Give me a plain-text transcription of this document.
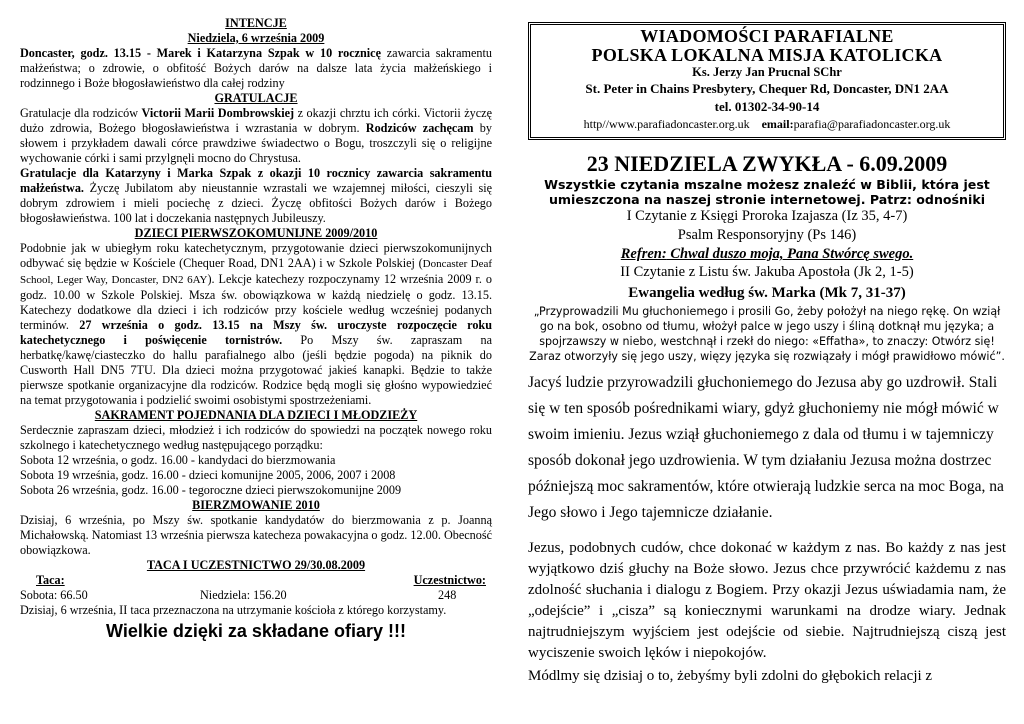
INTENCJE
Niedziela, 6 września 2009

Doncaster, godz. 13.15 - Marek i Katarzyna Szpak w 10 rocznicę zawarcia sakramentu małżeństwa; o zdrowie, o obfitość Bożych darów na dalsze lata życia małżeńskiego i rodzinnego i Boże błogosławieństwo dla całej rodziny

GRATULACJE

Gratulacje dla rodziców Victorii Marii Dombrowskiej z okazji chrztu ich córki. Victorii życzę dużo zdrowia, Bożego błogosławieństwa i wzrastania w dobrym. Rodziców zachęcam by słowem i przykładem dawali córce prawdziwe świadectwo o Bogu, troszczyli się o religijne wychowanie córki i sami przylgnęli mocno do Chrystusa.

Gratulacje dla Katarzyny i Marka Szpak z okazji 10 rocznicy zawarcia sakramentu małżeństwa. Życzę Jubilatom aby nieustannie wzrastali we wzajemnej miłości, cieszyli się dobrym zdrowiem i mieli pociechę z dzieci. Życzę obfitości Bożych darów i Bożego błogosławieństwa. 100 lat i doczekania następnych Jubileuszy.

DZIECI PIERWSZOKOMUNIJNE 2009/2010

Podobnie jak w ubiegłym roku katechetycznym, przygotowanie dzieci pierwszokomunijnych odbywać się będzie w Kościele (Chequer Road, DN1 2AA) i w Szkole Polskiej (Doncaster Deaf School, Leger Way, Doncaster, DN2 6AY). Lekcje katechezy rozpoczynamy 12 września 2009 r. o godz. 10.00 w Szkole Polskiej. Msza św. obowiązkowa w każdą niedzielę o godz. 13.15. Katechezy dodatkowe dla dzieci i ich rodziców przy kościele według wcześniej podanych terminów. 27 września o godz. 13.15 na Mszy św. uroczyste rozpoczęcie roku katechetycznego i poświęcenie tornistrów. Po Mszy św. zapraszam na herbatkę/kawę/ciasteczko do hallu parafialnego albo (jeśli będzie pogoda) na piknik do Cusworth Hall DN5 7TU. Dla dzieci można przygotować jakieś kanapki. Będzie to także pierwsze spotkanie organizacyjne dla rodziców. Rodzice będą mogli się głośno wypowiedzieć na temat przygotowania i podzielić swoimi osobistymi spostrzeżeniami.

SAKRAMENT POJEDNANIA DLA DZIECI I MŁODZIEŻY

Serdecznie zapraszam dzieci, młodzież i ich rodziców do spowiedzi na początek nowego roku szkolnego i katechetycznego według następującego porządku:

Sobota 12 września, o godz. 16.00 - kandydaci do bierzmowania
Sobota 19 września, godz. 16.00 - dzieci komunijne 2005, 2006, 2007 i 2008
Sobota 26 września, godz. 16.00 - tegoroczne dzieci pierwszokomunijne 2009
BIERZMOWANIE 2010

Dzisiaj, 6 września, po Mszy św. spotkanie kandydatów do bierzmowania z p. Joanną Michałowską. Natomiast 13 września pierwsza katecheza powakacyjna o godz. 12.00. Obecność obowiązkowa.

TACA I UCZESTNICTWO 29/30.08.2009
Taca:	Uczestnictwo:
Sobota: 66.50	Niedziela: 156.20	248
Dzisiaj, 6 września, II taca przeznaczona na utrzymanie kościoła z którego korzystamy.
Wielkie dzięki za składane ofiary !!!
WIADOMOŚCI PARAFIALNE
POLSKA LOKALNA MISJA KATOLICKA
Ks. Jerzy Jan Prucnal SChr
St. Peter in Chains Presbytery, Chequer Rd, Doncaster, DN1 2AA
tel. 01302-34-90-14
http//www.parafiadoncaster.org.uk email:parafia@parafiadoncaster.org.uk
23 NIEDZIELA ZWYKŁA - 6.09.2009
Wszystkie czytania mszalne możesz znaleźć w Biblii, która jest umieszczona na naszej stronie internetowej. Patrz: odnośniki
I Czytanie z Księgi Proroka Izajasza (Iz 35, 4-7)
Psalm Responsoryjny (Ps 146)
Refren: Chwal duszo moja, Pana Stwórcę swego.
II Czytanie z Listu św. Jakuba Apostoła (Jk 2, 1-5)
Ewangelia według św. Marka (Mk 7, 31-37)
„Przyprowadzili Mu głuchoniemego i prosili Go, żeby położył na niego rękę. On wziął go na bok, osobno od tłumu, włożył palce w jego uszy i śliną dotknął mu języka; a spojrzawszy w niebo, westchnął i rzekł do niego: «Effatha», to znaczy: Otwórz się! Zaraz otworzyły się jego uszy, więzy języka się rozwiązały i mógł prawidłowo mówić”.
Jacyś ludzie przyrowadzili głuchoniemego do Jezusa aby go uzdrowił. Stali się w ten sposób pośrednikami wiary, gdyż głuchoniemy nie mógł mówić w swoim imieniu. Jezus wziął głuchoniemego z dala od tłumu i w tajemniczy sposób dokonał jego uzdrowienia. W tym działaniu Jezusa można dostrzec późniejszą moc sakramentów, które otwierają ludzkie serca na moc Boga, na Jego słowo i Jego tajemnicze działanie.
Jezus, podobnych cudów, chce dokonać w każdym z nas. Bo każdy z nas jest wyjątkowo dziś głuchy na Boże słowo. Jezus chce przywrócić każdemu z nas zdolność słuchania i dialogu z Bogiem. Przy okazji Jezus uświadamia nam, że „odejście” i „cisza” są koniecznymi warunkami na drodze wiary. Jednak najtrudniejszym wyjściem jest odejście od siebie. Najtrudniejszą ciszą jest wyciszenie swoich lęków i niepokojów.
Módlmy się dzisiaj o to, żebyśmy byli zdolni do głębokich relacji z
